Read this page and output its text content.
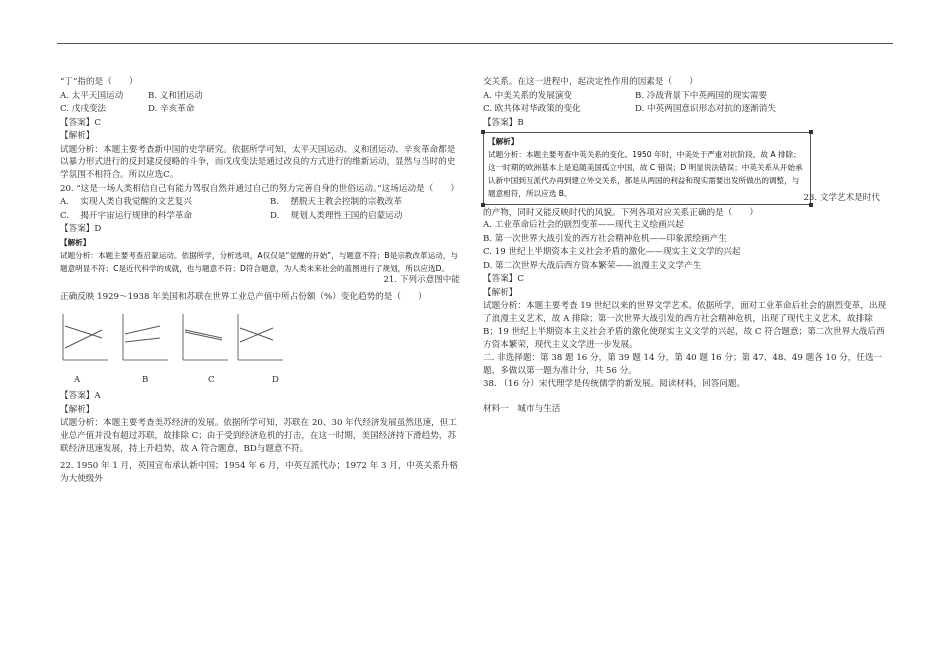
“丁”指的是（　　）
A. 太平天国运动	B. 义和团运动
C. 戊戌变法	D. 辛亥革命
【答案】C
【解析】
试题分析：本题主要考查新中国的史学研究。依据所学可知，太平天国运动、义和团运动、辛亥革命都是以暴力形式进行的反封建反侵略的斗争，而戊戌变法是通过改良的方式进行的维新运动，显然与当时的史学氛围不相符合。所以应选C。
20. “这是一场人类相信自己有能力驾驭自然并通过自己的努力完善自身的世俗运动。”这场运动是（　　）
A.　 实现人类自我觉醒的文艺复兴	B.　 摆脱天主教会控制的宗教改革
C.　 揭开宇宙运行规律的科学革命	D.　 规划人类理性王国的启蒙运动
【答案】D
【解析】
试题分析：本题主要考查启蒙运动。依据所学，分析选项，A仅仅是“觉醒的开始”，与题意不符；B是宗教改革运动，与题意明显不符；C是近代科学的成就，也与题意不符；D符合题意，为人类未来社会的蓝图进行了规划，所以应选D。
21. 下列示意图中能
正确反映 1929～1938 年美国和苏联在世界工业总产值中所占份额（%）变化趋势的是（　　）
A	B	C	D
【答案】A
【解析】
试题分析：本题主要考查美苏经济的发展。依据所学可知，苏联在 20、30 年代经济发展虽然迅速，但工业总产值并没有超过苏联，故排除 C；由于受到经济危机的打击，在这一时期，美国经济持下滑趋势，苏联经济迅速发展，持上升趋势，故 A 符合题意，BD与题意不符。
22. 1950 年 1 月，英国宣布承认新中国；1954 年 6 月，中英互派代办；1972 年 3 月，中英关系升格为大使级外
交关系。在这一进程中，起决定性作用的因素是（　　）
A. 中美关系的发展演变	B. 冷战背景下中英两国的现实需要
C. 欧共体对华政策的变化	D. 中英两国意识形态对抗的逐渐消失
【答案】B
【解析】
试题分析：本题主要考查中英关系的变化。1950 年时，中美处于严重对抗阶段，故 A 排除；这一时期的欧洲基本上是追随美国孤立中国，故 C 错误；D 明显说法错误；中英关系从开始承认新中国到互派代办再到建立外交关系，都是从两国的利益和现实需要出发所做出的调整，与题意相符，所以应选 B。	23. 文学艺术是时代
的产物，同时又能反映时代的风貌。下列各项对应关系正确的是（　　）
A. 工业革命后社会的剧烈变革——现代主义绘画兴起
B. 第一次世界大战引发的西方社会精神危机——印象派绘画产生
C. 19 世纪上半期资本主义社会矛盾的激化——现实主义文学的兴起
D. 第二次世界大战后西方资本繁荣——浪漫主义文学产生
【答案】C
【解析】
试题分析：本题主要考查 19 世纪以来的世界文学艺术。依据所学，面对工业革命后社会的剧烈变革，出现了浪漫主义艺术，故 A 排除；第一次世界大战引发的西方社会精神危机，出现了现代主义艺术，故排除 B；19 世纪上半期资本主义社会矛盾的激化使现实主义文学的兴起，故 C 符合题意；第二次世界大战后西方资本繁荣，现代主义文学进一步发展。
二. 非选择题：第 38 题 16 分，第 39 题 14 分，第 40 题 16 分；第 47、48、49 题各 10 分，任选一题，多做以第一题为准计分，共 56 分。
38. （16 分）宋代理学是传统儒学的新发展。阅读材料，回答问题。
材料一　城市与生活
